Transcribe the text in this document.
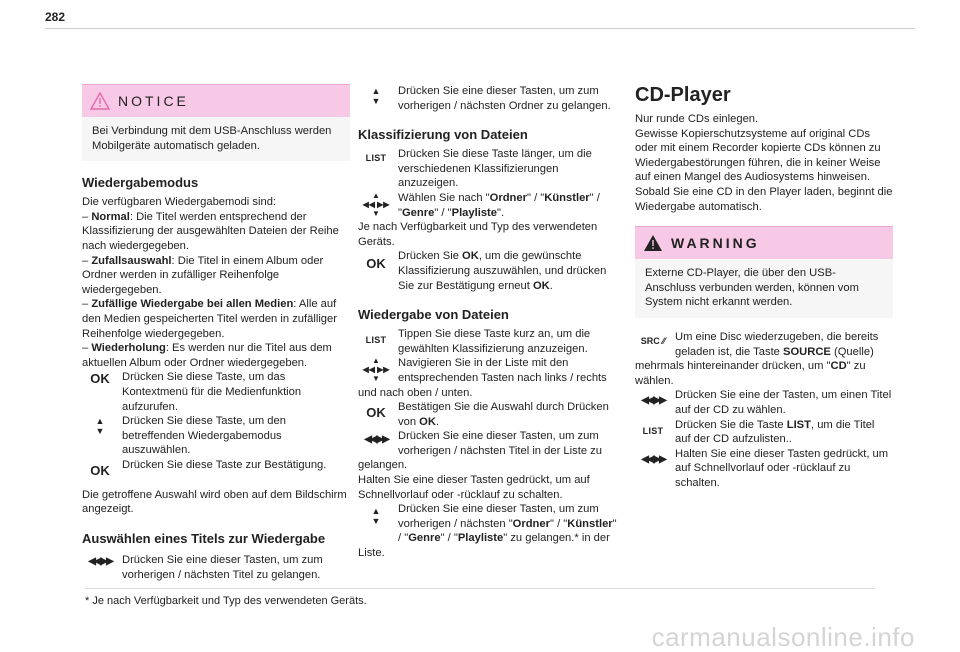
282
NOTICE

Bei Verbindung mit dem USB-Anschluss werden Mobilgeräte automatisch geladen.

Wiedergabemodus

Die verfügbaren Wiedergabemodi sind:

– Normal: Die Titel werden entsprechend der Klassifizierung der ausgewählten Dateien der Reihe nach wiedergegeben.

– Zufallsauswahl: Die Titel in einem Album oder Ordner werden in zufälliger Reihenfolge wiedergegeben.

– Zufällige Wiedergabe bei allen Medien: Alle auf den Medien gespeicherten Titel werden in zufälliger Reihenfolge wiedergegeben.

– Wiederholung: Es werden nur die Titel aus dem aktuellen Album oder Ordner wiedergegeben.

OK	Drücken Sie diese Taste, um das Kontextmenü für die Medienfunktion aufzurufen.
▲
▼
Drücken Sie diese Taste, um den betreffenden Wiedergabemodus auszuwählen.
OK	Drücken Sie diese Taste zur Bestätigung.

Die getroffene Auswahl wird oben auf dem Bildschirm angezeigt.

Auswählen eines Titels zur Wiedergabe
◀◀ ▶▶ Drücken Sie eine dieser Tasten, um zum vorherigen / nächsten Titel zu gelangen.
▲
▼
Drücken Sie eine dieser Tasten, um zum vorherigen / nächsten Ordner zu gelangen.
Klassifizierung von Dateien
LIST	Drücken Sie diese Taste länger, um die verschiedenen Klassifizierungen anzuzeigen.
▲
◀◀ ▶▶
▼
Wählen Sie nach "Ordner" / "Künstler" / "Genre" / "Playliste".
Je nach Verfügbarkeit und Typ des verwendeten Geräts.
OK	Drücken Sie OK, um die gewünschte Klassifizierung auszuwählen, und drücken Sie zur Bestätigung erneut OK.
Wiedergabe von Dateien
LIST	Tippen Sie diese Taste kurz an, um die gewählten Klassifizierung anzuzeigen.
▲
◀◀ ▶▶
▼
Navigieren Sie in der Liste mit den entsprechenden Tasten nach links / rechts und nach oben / unten.
OK	Bestätigen Sie die Auswahl durch Drücken von OK.
◀◀ ▶▶ Drücken Sie eine dieser Tasten, um zum vorherigen / nächsten Titel in der Liste zu gelangen.

Halten Sie eine dieser Tasten gedrückt, um auf Schnellvorlauf oder -rücklauf zu schalten.

▲
▼
Drücken Sie eine dieser Tasten, um zum vorherigen / nächsten "Ordner" / "Künstler" / "Genre" / "Playliste" zu gelangen.* in der Liste.
CD-Player

Nur runde CDs einlegen.

Gewisse Kopierschutzsysteme auf original CDs oder mit einem Recorder kopierte CDs können zu Wiedergabestörungen führen, die in keiner Weise auf einen Mangel des Audiosystems hinweisen.

Sobald Sie eine CD in den Player laden, beginnt die Wiedergabe automatisch.

WARNING

Externe CD-Player, die über den USB-Anschluss verbunden werden, können vom System nicht erkannt werden.

SRC ⁄⁄ Um eine Disc wiederzugeben, die bereits geladen ist, die Taste SOURCE (Quelle) mehrmals hintereinander drücken, um "CD" zu wählen.
◀◀ ▶▶ Drücken Sie eine der Tasten, um einen Titel auf der CD zu wählen.
LIST	Drücken Sie die Taste LIST, um die Titel auf der CD aufzulisten..
◀◀ ▶▶ Halten Sie eine dieser Tasten gedrückt, um auf Schnellvorlauf oder -rücklauf zu schalten.
* Je nach Verfügbarkeit und Typ des verwendeten Geräts.
carmanualsonline.info
